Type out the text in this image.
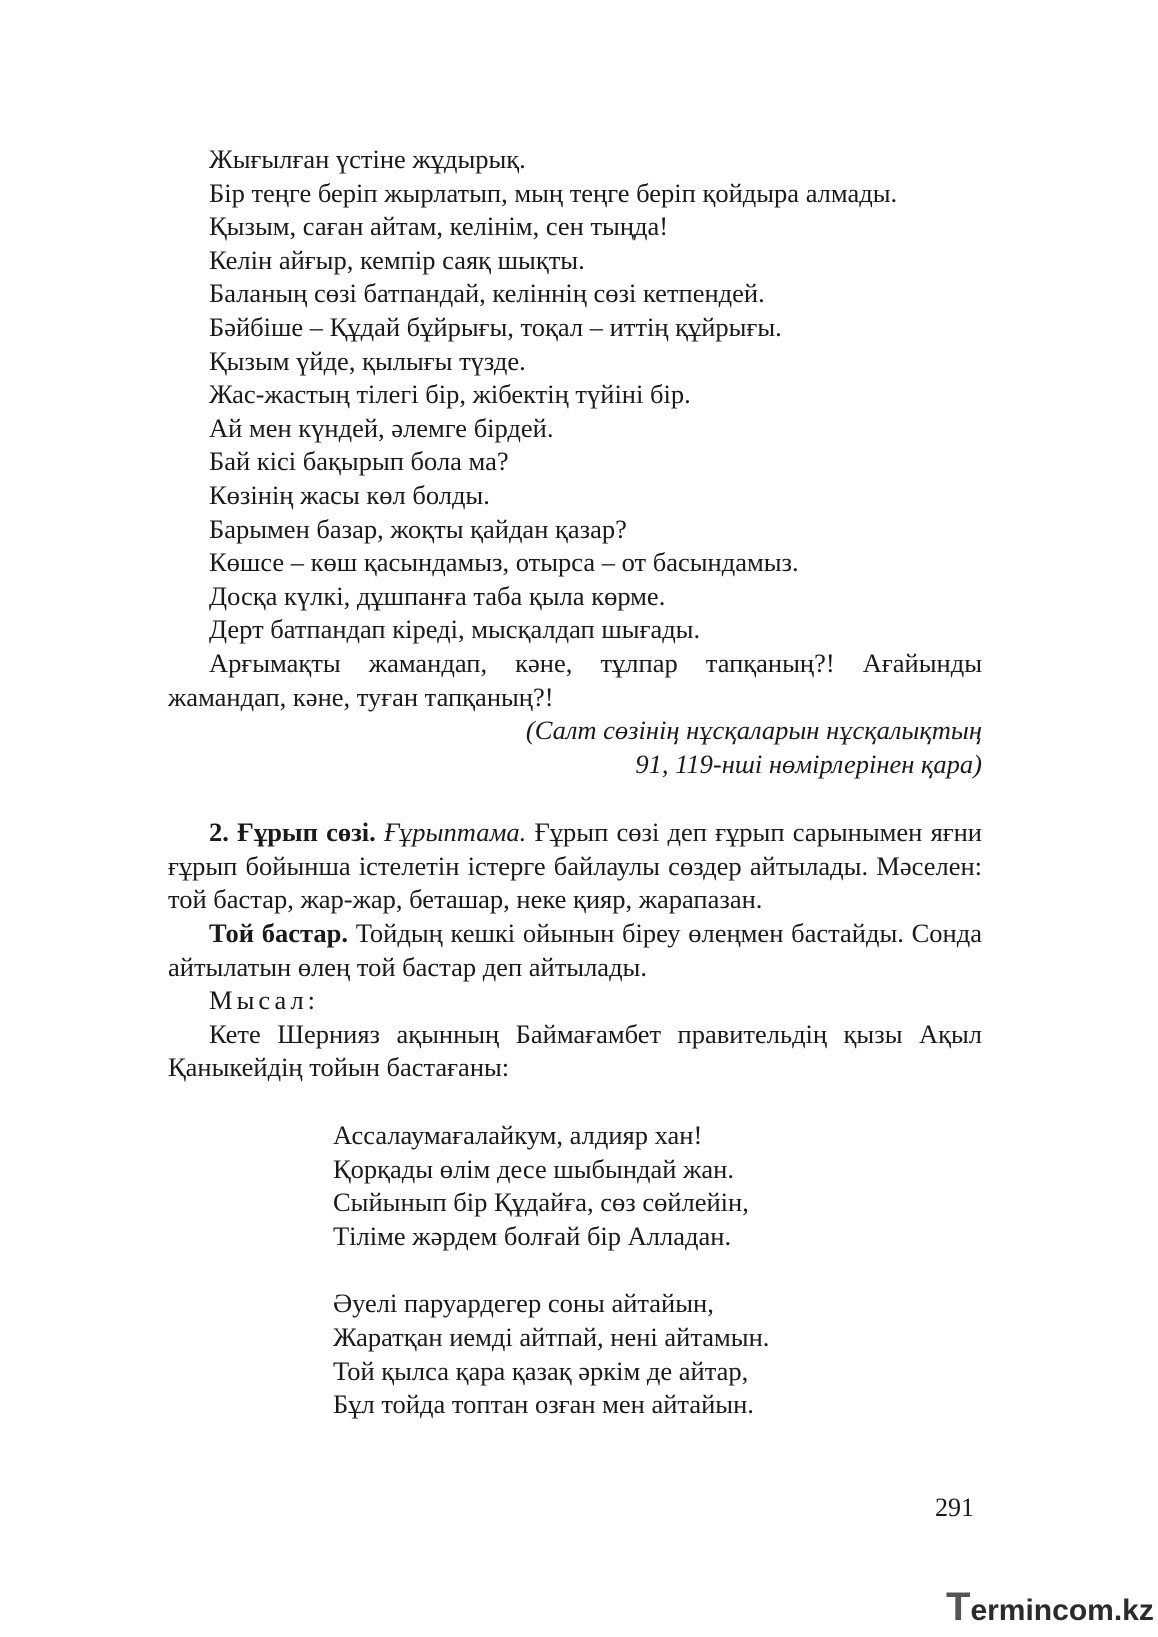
Жығылған үстіне жұдырық.

Бір теңге беріп жырлатып, мың теңге беріп қойдыра алмады.

Қызым, саған айтам, келінім, сен тыңда!

Келін айғыр, кемпір саяқ шықты.

Баланың сөзі батпандай, келіннің сөзі кетпендей.

Бәйбіше – Құдай бұйрығы, тоқал – иттің құйрығы.

Қызым үйде, қылығы түзде.

Жас-жастың тілегі бір, жібектің түйіні бір.

Ай мен күндей, әлемге бірдей.

Бай кісі бақырып бола ма?

Көзінің жасы көл болды.

Барымен базар, жоқты қайдан қазар?

Көшсе – көш қасындамыз, отырса – от басындамыз.

Досқа күлкі, дұшпанға таба қыла көрме.

Дерт батпандап кіреді, мысқалдап шығады.

Арғымақты жамандап, кәне, тұлпар тапқаның?! Ағайынды жамандап, кәне, туған тапқаның?!

(Салт сөзінің нұсқаларын нұсқалықтың

91, 119-нші нөмірлерінен қара)

2. Ғұрып сөзі. Ғұрыптама. Ғұрып сөзі деп ғұрып сарынымен яғни ғұрып бойынша істелетін істерге байлаулы сөздер айтылады. Мәселен: той бастар, жар-жар, беташар, неке қияр, жарапазан.

Той бастар. Тойдың кешкі ойынын біреу өлеңмен бастайды. Сонда айтылатын өлең той бастар деп айтылады.

Мысал:

Кете Шернияз ақынның Баймағамбет правительдің қызы Ақыл Қаныкейдің тойын бастағаны:

Ассалаумағалайкум, алдияр хан!
Қорқады өлім десе шыбындай жан.
Сыйынып бір Құдайға, сөз сөйлейін,
Тіліме жәрдем болғай бір Алладан.
Әуелі паруардегер соны айтайын,
Жаратқан иемді айтпай, нені айтамын.
Той қылса қара қазақ әркім де айтар,
Бұл тойда топтан озған мен айтайын.
291
Termincom.kz
